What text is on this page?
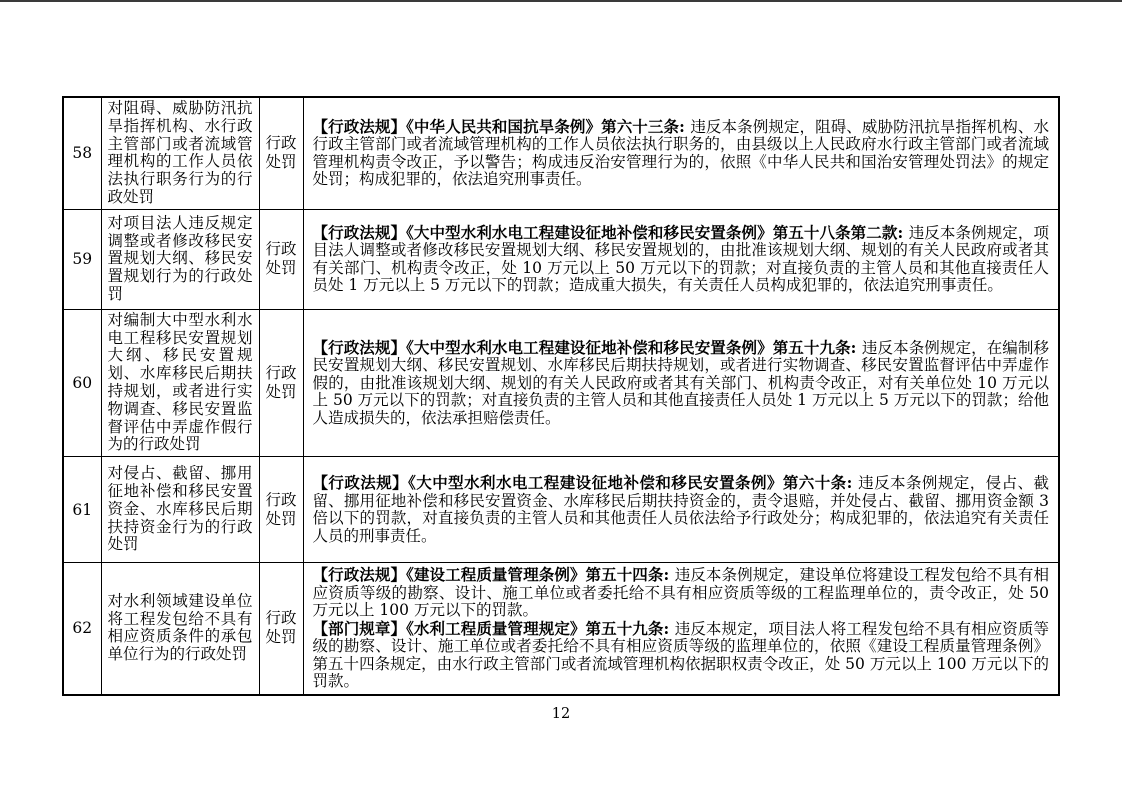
58	对阻碍、威胁防汛抗旱指挥机构、水行政主管部门或者流域管理机构的工作人员依法执行职务行为的行政处罚	行政处罚	【行政法规】《中华人民共和国抗旱条例》第六十三条: 违反本条例规定，阻碍、威胁防汛抗旱指挥机构、水行政主管部门或者流域管理机构的工作人员依法执行职务的，由县级以上人民政府水行政主管部门或者流域管理机构责令改正，予以警告；构成违反治安管理行为的，依照《中华人民共和国治安管理处罚法》的规定处罚；构成犯罪的，依法追究刑事责任。

59	对项目法人违反规定调整或者修改移民安置规划大纲、移民安置规划行为的行政处罚	行政处罚	【行政法规】《大中型水利水电工程建设征地补偿和移民安置条例》第五十八条第二款: 违反本条例规定，项目法人调整或者修改移民安置规划大纲、移民安置规划的，由批准该规划大纲、规划的有关人民政府或者其有关部门、机构责令改正，处 10 万元以上 50 万元以下的罚款；对直接负责的主管人员和其他直接责任人员处 1 万元以上 5 万元以下的罚款；造成重大损失，有关责任人员构成犯罪的，依法追究刑事责任。

60	对编制大中型水利水电工程移民安置规划大纲、移民安置规划、水库移民后期扶持规划，或者进行实物调查、移民安置监督评估中弄虚作假行为的行政处罚	行政处罚	【行政法规】《大中型水利水电工程建设征地补偿和移民安置条例》第五十九条: 违反本条例规定，在编制移民安置规划大纲、移民安置规划、水库移民后期扶持规划，或者进行实物调查、移民安置监督评估中弄虚作假的，由批准该规划大纲、规划的有关人民政府或者其有关部门、机构责令改正，对有关单位处 10 万元以上 50 万元以下的罚款；对直接负责的主管人员和其他直接责任人员处 1 万元以上 5 万元以下的罚款；给他人造成损失的，依法承担赔偿责任。

61	对侵占、截留、挪用征地补偿和移民安置资金、水库移民后期扶持资金行为的行政处罚	行政处罚	【行政法规】《大中型水利水电工程建设征地补偿和移民安置条例》第六十条: 违反本条例规定，侵占、截留、挪用征地补偿和移民安置资金、水库移民后期扶持资金的，责令退赔，并处侵占、截留、挪用资金额 3 倍以下的罚款，对直接负责的主管人员和其他责任人员依法给予行政处分；构成犯罪的，依法追究有关责任人员的刑事责任。

62	对水利领域建设单位将工程发包给不具有相应资质条件的承包单位行为的行政处罚	行政处罚	【行政法规】《建设工程质量管理条例》第五十四条: 违反本条例规定，建设单位将建设工程发包给不具有相应资质等级的勘察、设计、施工单位或者委托给不具有相应资质等级的工程监理单位的，责令改正，处 50 万元以上 100 万元以下的罚款。
【部门规章】《水利工程质量管理规定》第五十九条: 违反本规定，项目法人将工程发包给不具有相应资质等级的勘察、设计、施工单位或者委托给不具有相应资质等级的监理单位的，依照《建设工程质量管理条例》第五十四条规定，由水行政主管部门或者流域管理机构依据职权责令改正，处 50 万元以上 100 万元以下的罚款。
12
